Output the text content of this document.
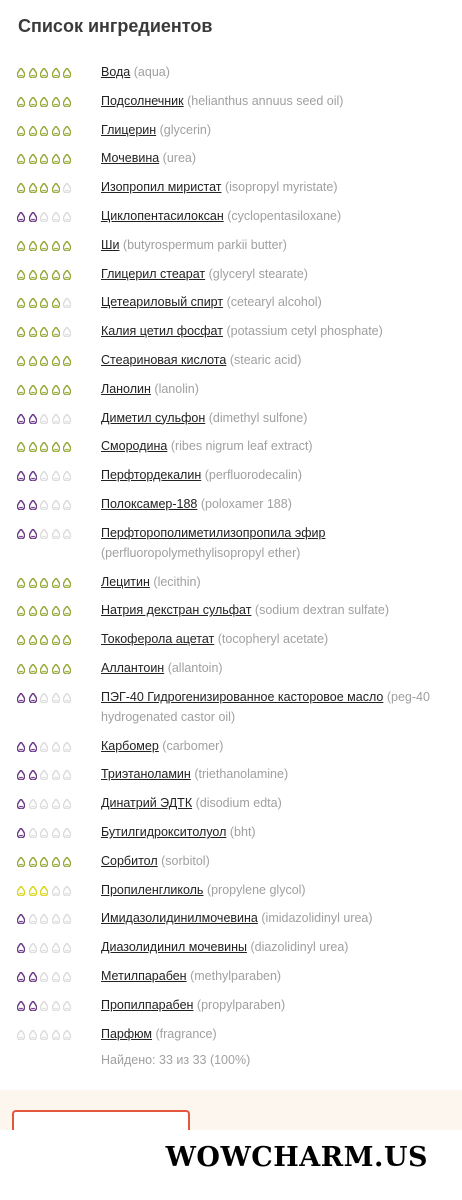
Список ингредиентов
Вода (aqua)
Подсолнечник (helianthus annuus seed oil)
Глицерин (glycerin)
Мочевина (urea)
Изопропил миристат (isopropyl myristate)
Циклопентасилоксан (cyclopentasiloxane)
Ши (butyrospermum parkii butter)
Глицерил стеарат (glyceryl stearate)
Цетеариловый спирт (cetearyl alcohol)
Калия цетил фосфат (potassium cetyl phosphate)
Стеариновая кислота (stearic acid)
Ланолин (lanolin)
Диметил сульфон (dimethyl sulfone)
Смородина (ribes nigrum leaf extract)
Перфтордекалин (perfluorodecalin)
Полоксамер-188 (poloxamer 188)
Перфторополиметилизопропила эфир (perfluoropolymethylisopropyl ether)
Лецитин (lecithin)
Натрия декстран сульфат (sodium dextran sulfate)
Токоферола ацетат (tocopheryl acetate)
Аллантоин (allantoin)
ПЭГ-40 Гидрогенизированное касторовое масло (peg-40 hydrogenated castor oil)
Карбомер (carbomer)
Триэтаноламин (triethanolamine)
Динатрий ЭДТК (disodium edta)
Бутилгидрокситолуол (bht)
Сорбитол (sorbitol)
Пропиленгликоль (propylene glycol)
Имидазолидинилмочевина (imidazolidinyl urea)
Диазолидинил мочевины (diazolidinyl urea)
Метилпарабен (methylparaben)
Пропилпарабен (propylparaben)
Парфюм (fragrance)
Найдено: 33 из 33 (100%)
WOWCHARM.US
